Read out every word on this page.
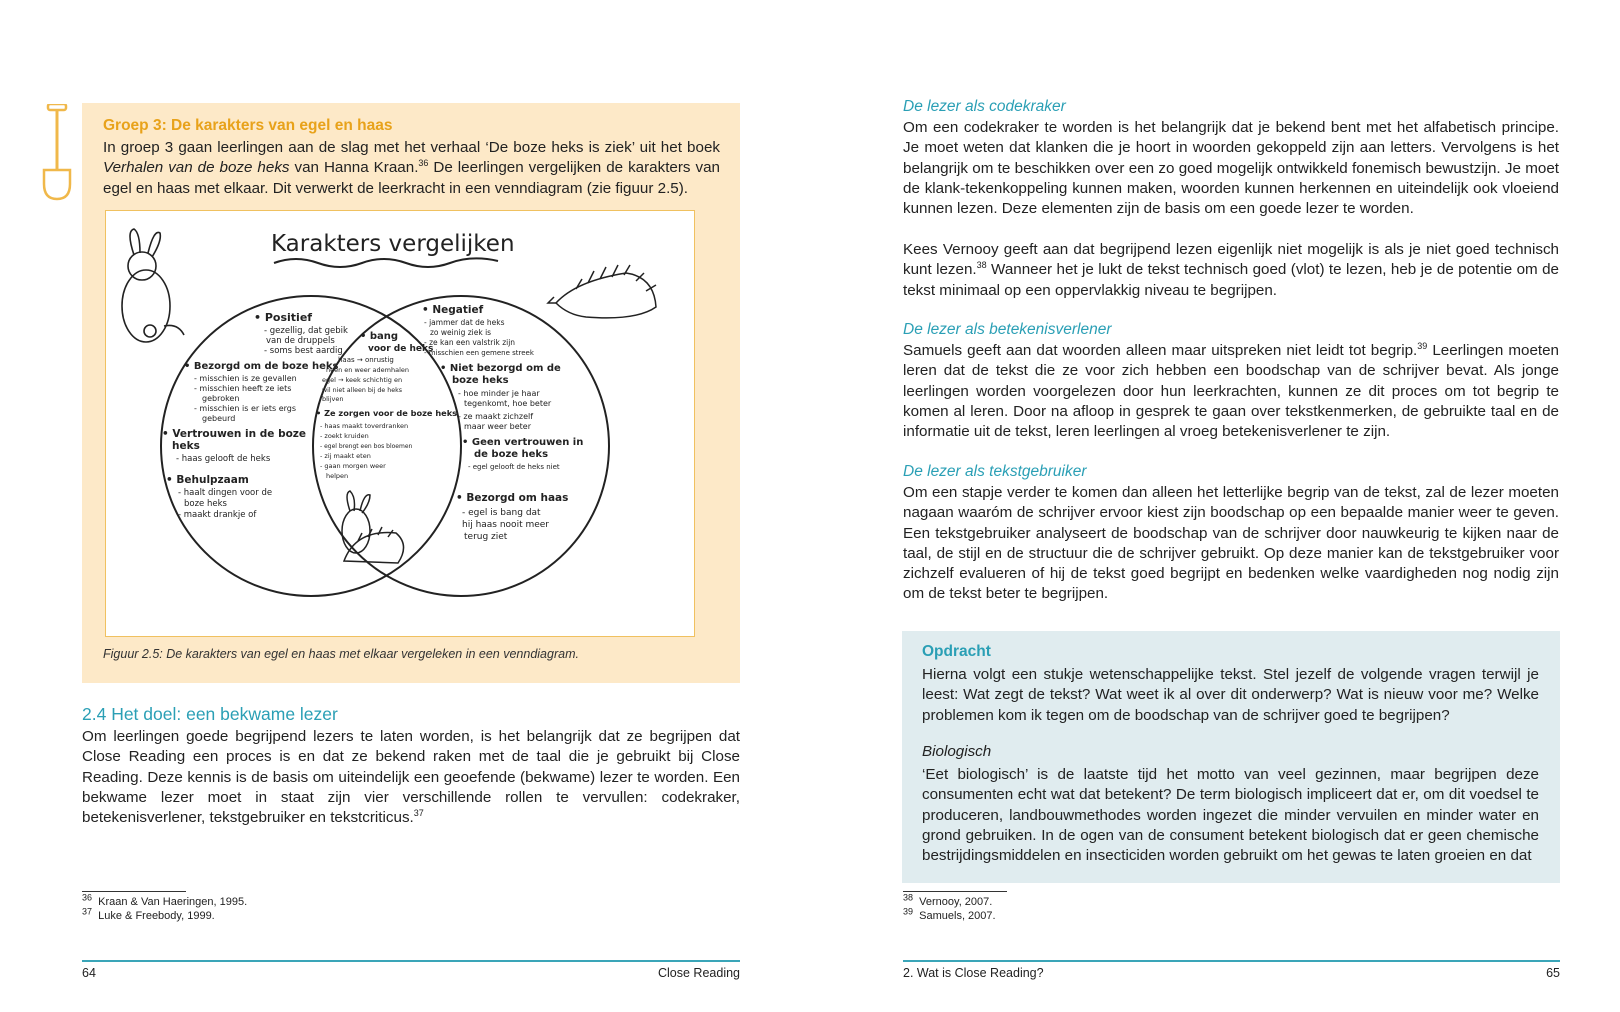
Groep 3: De karakters van egel en haas

In groep 3 gaan leerlingen aan de slag met het verhaal ‘De boze heks is ziek’ uit het boek Verhalen van de boze heks van Hanna Kraan.$^{36}$ De leerlingen vergelijken de karakters van egel en haas met elkaar. Dit verwerkt de leerkracht in een venndiagram (zie figuur 2.5).

Karakters vergelijken
• Positief
- gezellig, dat gebik
van de druppels
- soms best aardig
• Bezorgd om de boze heks
- misschien is ze gevallen
- misschien heeft ze iets
gebroken
- misschien is er iets ergs
gebeurd
• Vertrouwen in de boze
heks
- haas gelooft de heks
• Behulpzaam
- haalt dingen voor de
boze heks
- maakt drankje of
• bang
voor de heks
haas → onrustig
neen en weer ademhalen
egel → keek schichtig en
wil niet alleen bij de heks
blijven
• Ze zorgen voor de boze heks
- haas maakt toverdranken
- zoekt kruiden
- egel brengt een bos bloemen
- zij maakt eten
- gaan morgen weer
helpen
• Negatief
- jammer dat de heks
zo weinig ziek is
- ze kan een valstrik zijn
- misschien een gemene streek
• Niet bezorgd om de
boze heks
- hoe minder je haar
tegenkomt, hoe beter
- ze maakt zichzelf
maar weer beter
• Geen vertrouwen in
de boze heks
- egel gelooft de heks niet
• Bezorgd om haas
- egel is bang dat
hij haas nooit meer
terug ziet
Figuur 2.5: De karakters van egel en haas met elkaar vergeleken in een venndiagram.
2.4 Het doel: een bekwame lezer

Om leerlingen goede begrijpend lezers te laten worden, is het belangrijk dat ze begrijpen dat Close Reading een proces is en dat ze bekend raken met de taal die je gebruikt bij Close Reading. Deze kennis is de basis om uiteindelijk een geoefende (bekwame) lezer te worden. Een bekwame lezer moet in staat zijn vier verschillende rollen te vervullen: codekraker, betekenisverlener, tekstgebruiker en tekstcriticus.$^{37}$

$^{36}$ Kraan & Van Haeringen, 1995.
$^{37}$ Luke & Freebody, 1999.
64	Close Reading
De lezer als codekraker

Om een codekraker te worden is het belangrijk dat je bekend bent met het alfabetisch principe. Je moet weten dat klanken die je hoort in woorden gekoppeld zijn aan letters. Vervolgens is het belangrijk om te beschikken over een zo goed mogelijk ontwikkeld fonemisch bewustzijn. Je moet de klank-tekenkoppeling kunnen maken, woorden kunnen herkennen en uiteindelijk ook vloeiend kunnen lezen. Deze elementen zijn de basis om een goede lezer te worden.

Kees Vernooy geeft aan dat begrijpend lezen eigenlijk niet mogelijk is als je niet goed technisch kunt lezen.$^{38}$ Wanneer het je lukt de tekst technisch goed (vlot) te lezen, heb je de potentie om de tekst minimaal op een oppervlakkig niveau te begrijpen.

De lezer als betekenisverlener

Samuels geeft aan dat woorden alleen maar uitspreken niet leidt tot begrip.$^{39}$ Leerlingen moeten leren dat de tekst die ze voor zich hebben een boodschap van de schrijver bevat. Als jonge leerlingen worden voorgelezen door hun leerkrachten, kunnen ze dit proces om tot begrip te komen al leren. Door na afloop in gesprek te gaan over tekstkenmerken, de gebruikte taal en de informatie uit de tekst, leren leerlingen al vroeg betekenisverlener te zijn.

De lezer als tekstgebruiker

Om een stapje verder te komen dan alleen het letterlijke begrip van de tekst, zal de lezer moeten nagaan waaróm de schrijver ervoor kiest zijn boodschap op een bepaalde manier weer te geven. Een tekstgebruiker analyseert de boodschap van de schrijver door nauwkeurig te kijken naar de taal, de stijl en de structuur die de schrijver gebruikt. Op deze manier kan de tekstgebruiker voor zichzelf evalueren of hij de tekst goed begrijpt en bedenken welke vaardigheden nog nodig zijn om de tekst beter te begrijpen.

Opdracht

Hierna volgt een stukje wetenschappelijke tekst. Stel jezelf de volgende vragen terwijl je leest: Wat zegt de tekst? Wat weet ik al over dit onderwerp? Wat is nieuw voor me? Welke problemen kom ik tegen om de boodschap van de schrijver goed te begrijpen?

Biologisch

‘Eet biologisch’ is de laatste tijd het motto van veel gezinnen, maar begrijpen deze consumenten echt wat dat betekent? De term biologisch impliceert dat er, om dit voedsel te produceren, landbouwmethodes worden ingezet die minder vervuilen en minder water en grond gebruiken. In de ogen van de consument betekent biologisch dat er geen chemische bestrijdingsmiddelen en insecticiden worden gebruikt om het gewas te laten groeien en dat

$^{38}$ Vernooy, 2007.
$^{39}$ Samuels, 2007.
2. Wat is Close Reading?	65
